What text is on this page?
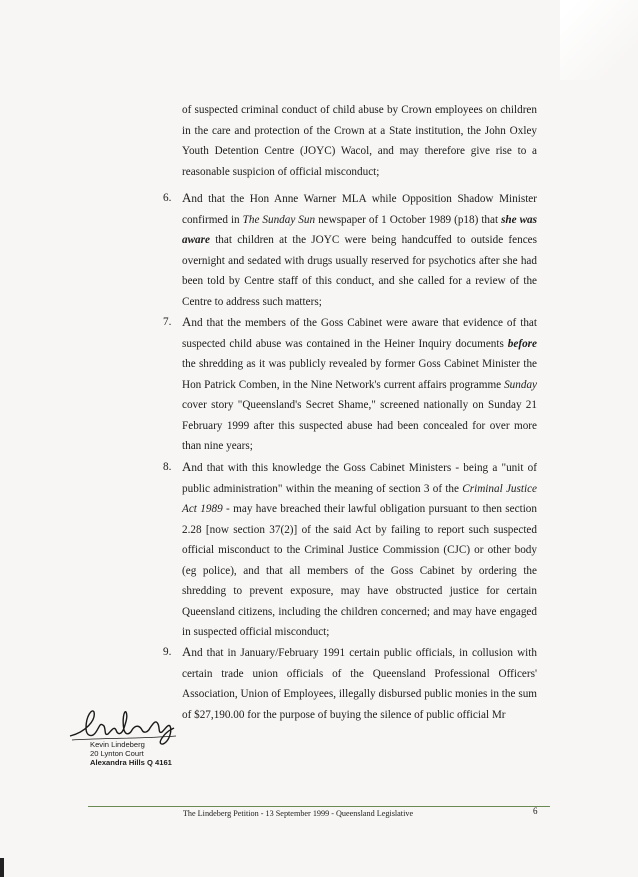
of suspected criminal conduct of child abuse by Crown employees on children in the care and protection of the Crown at a State institution, the John Oxley Youth Detention Centre (JOYC) Wacol, and may therefore give rise to a reasonable suspicion of official misconduct;
6. And that the Hon Anne Warner MLA while Opposition Shadow Minister confirmed in The Sunday Sun newspaper of 1 October 1989 (p18) that she was aware that children at the JOYC were being handcuffed to outside fences overnight and sedated with drugs usually reserved for psychotics after she had been told by Centre staff of this conduct, and she called for a review of the Centre to address such matters;
7. And that the members of the Goss Cabinet were aware that evidence of that suspected child abuse was contained in the Heiner Inquiry documents before the shredding as it was publicly revealed by former Goss Cabinet Minister the Hon Patrick Comben, in the Nine Network's current affairs programme Sunday cover story "Queensland's Secret Shame," screened nationally on Sunday 21 February 1999 after this suspected abuse had been concealed for over more than nine years;
8. And that with this knowledge the Goss Cabinet Ministers - being a "unit of public administration" within the meaning of section 3 of the Criminal Justice Act 1989 - may have breached their lawful obligation pursuant to then section 2.28 [now section 37(2)] of the said Act by failing to report such suspected official misconduct to the Criminal Justice Commission (CJC) or other body (eg police), and that all members of the Goss Cabinet by ordering the shredding to prevent exposure, may have obstructed justice for certain Queensland citizens, including the children concerned; and may have engaged in suspected official misconduct;
9. And that in January/February 1991 certain public officials, in collusion with certain trade union officials of the Queensland Professional Officers' Association, Union of Employees, illegally disbursed public monies in the sum of $27,190.00 for the purpose of buying the silence of public official Mr
Kevin Lindeberg
20 Lynton Court
Alexandra Hills Q 4161
The Lindeberg Petition - 13 September 1999 - Queensland Legislative	6
